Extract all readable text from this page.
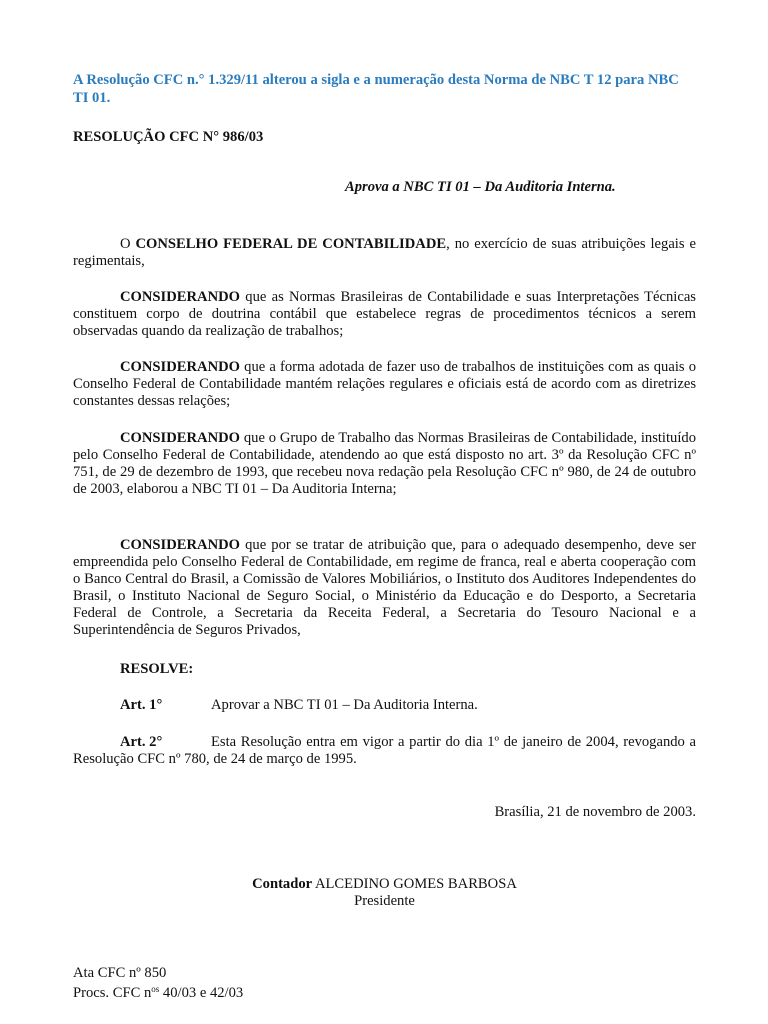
A Resolução CFC n.° 1.329/11 alterou a sigla e a numeração desta Norma de NBC T 12 para NBC TI 01.
RESOLUÇÃO CFC N° 986/03
Aprova a NBC TI 01 – Da Auditoria Interna.
O CONSELHO FEDERAL DE CONTABILIDADE, no exercício de suas atribuições legais e regimentais,
CONSIDERANDO que as Normas Brasileiras de Contabilidade e suas Interpretações Técnicas constituem corpo de doutrina contábil que estabelece regras de procedimentos técnicos a serem observadas quando da realização de trabalhos;
CONSIDERANDO que a forma adotada de fazer uso de trabalhos de instituições com as quais o Conselho Federal de Contabilidade mantém relações regulares e oficiais está de acordo com as diretrizes constantes dessas relações;
CONSIDERANDO que o Grupo de Trabalho das Normas Brasileiras de Contabilidade, instituído pelo Conselho Federal de Contabilidade, atendendo ao que está disposto no art. 3º da Resolução CFC nº 751, de 29 de dezembro de 1993, que recebeu nova redação pela Resolução CFC nº 980, de 24 de outubro de 2003, elaborou a NBC TI 01 – Da Auditoria Interna;
CONSIDERANDO que por se tratar de atribuição que, para o adequado desempenho, deve ser empreendida pelo Conselho Federal de Contabilidade, em regime de franca, real e aberta cooperação com o Banco Central do Brasil, a Comissão de Valores Mobiliários, o Instituto dos Auditores Independentes do Brasil, o Instituto Nacional de Seguro Social, o Ministério da Educação e do Desporto, a Secretaria Federal de Controle, a Secretaria da Receita Federal, a Secretaria do Tesouro Nacional e a Superintendência de Seguros Privados,
RESOLVE:
Art. 1°	Aprovar a NBC TI 01 – Da Auditoria Interna.
Art. 2°	Esta Resolução entra em vigor a partir do dia 1º de janeiro de 2004, revogando a Resolução CFC nº 780, de 24 de março de 1995.
Brasília, 21 de novembro de 2003.
Contador ALCEDINO GOMES BARBOSA
Presidente
Ata CFC nº 850
Procs. CFC $n^{os}$ 40/03 e 42/03
